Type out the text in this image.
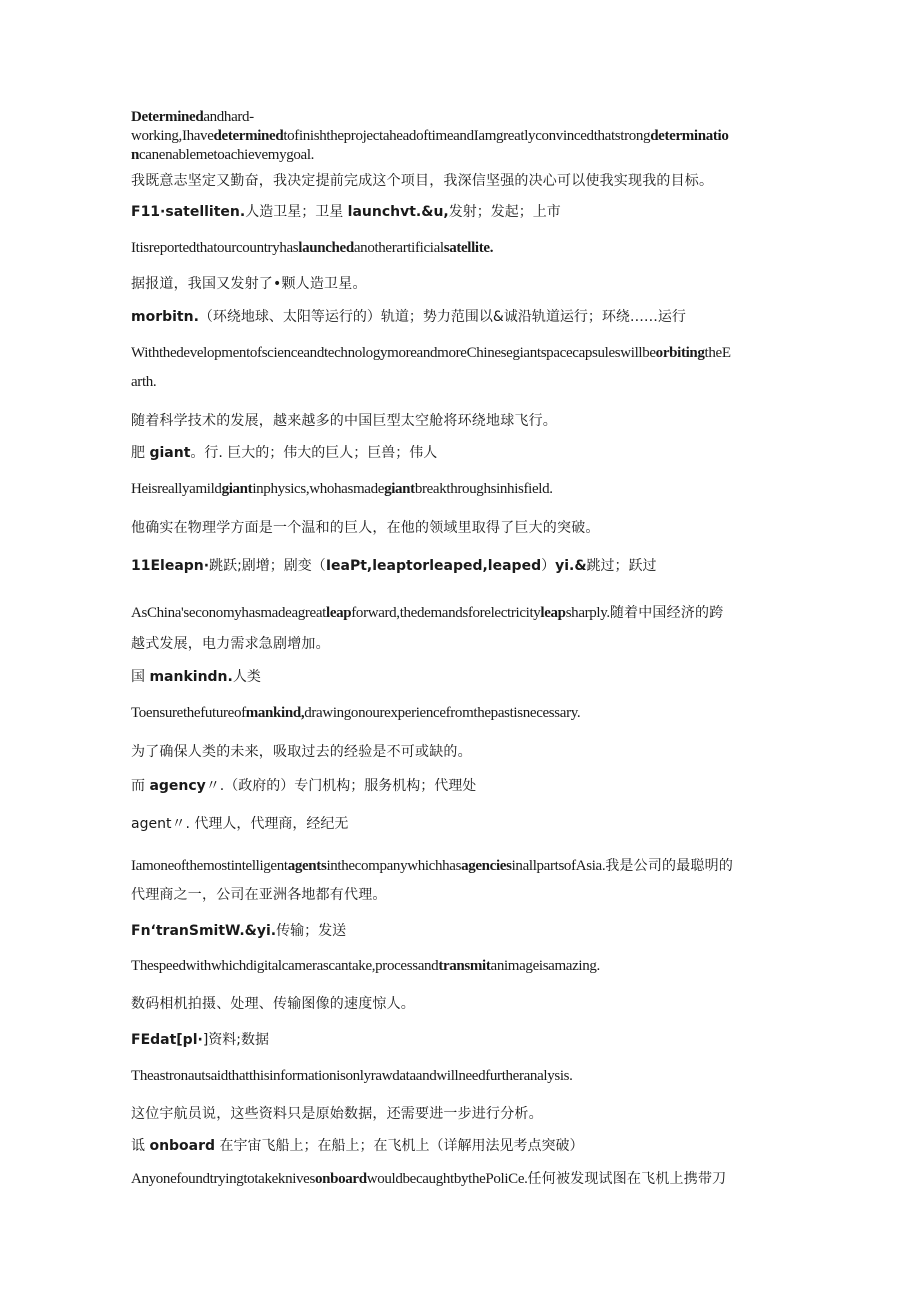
Determinedandhard-
working,IhavedeterminedtofinishtheprojectaheadoftimeandIamgreatlyconvincedthatstrongdeterminatio
ncanenablemetoachievemygoal.
我既意志坚定又勤奋，我决定提前完成这个项目，我深信坚强的决心可以使我实现我的目标。
F11·satelliten.人造卫星；卫星 launchvt.&u,发射；发起；上市
Itisreportedthatourcountryhaslaunchedanotherartificialsatellite.
据报道，我国又发射了•颗人造卫星。
morbitn.（环绕地球、太阳等运行的）轨道；势力范围以&诚沿轨道运行；环绕……运行
WiththedevelopmentofscienceandtechnologymoreandmoreChinesegiantspacecapsuleswillbeorbitingtheE
arth.
随着科学技术的发展，越来越多的中国巨型太空舱将环绕地球飞行。
肥 giant。行. 巨大的；伟大的巨人；巨兽；伟人
Heisreallyamildgiantinphysics,whohasmadegiantbreakthroughsinhisfield.
他确实在物理学方面是一个温和的巨人，在他的领域里取得了巨大的突破。
11Eleapn·跳跃;剧增；剧变（IeaPt,leaptorleaped,leaped）yi.&跳过；跃过
AsChina'seconomyhasmadeagreatleapforward,thedemandsforelectricityleapsharply.随着中国经济的跨
越式发展，电力需求急剧增加。
国 mankindn.人类
Toensurethefutureofmankind,drawingonourexperiencefromthepastisnecessary.
为了确保人类的未来，吸取过去的经验是不可或缺的。
而 agency〃.（政府的）专门机构；服务机构；代理处
agent〃. 代理人，代理商，经纪无
IamoneofthemostintelligentagentsinthecompanywhichhasagenciesinallpartsofAsia.我是公司的最聪明的
代理商之一，公司在亚洲各地都有代理。
Fn‘tranSmitW.&yi.传输；发送
Thespeedwithwhichdigitalcamerascantake,processandtransmitanimageisamazing.
数码相机拍摄、处理、传输图像的速度惊人。
FEdat[pl·]资料;数据
Theastronautsaidthatthisinformationisonlyrawdataandwillneedfurtheranalysis.
这位宇航员说，这些资料只是原始数据，还需要进一步进行分析。
诋 onboard 在宇宙飞船上；在船上；在飞机上（详解用法见考点突破）
AnyonefoundtryingtotakeknivesonboardwouldbecaughtbythePoliCe.任何被发现试图在飞机上携带刀
